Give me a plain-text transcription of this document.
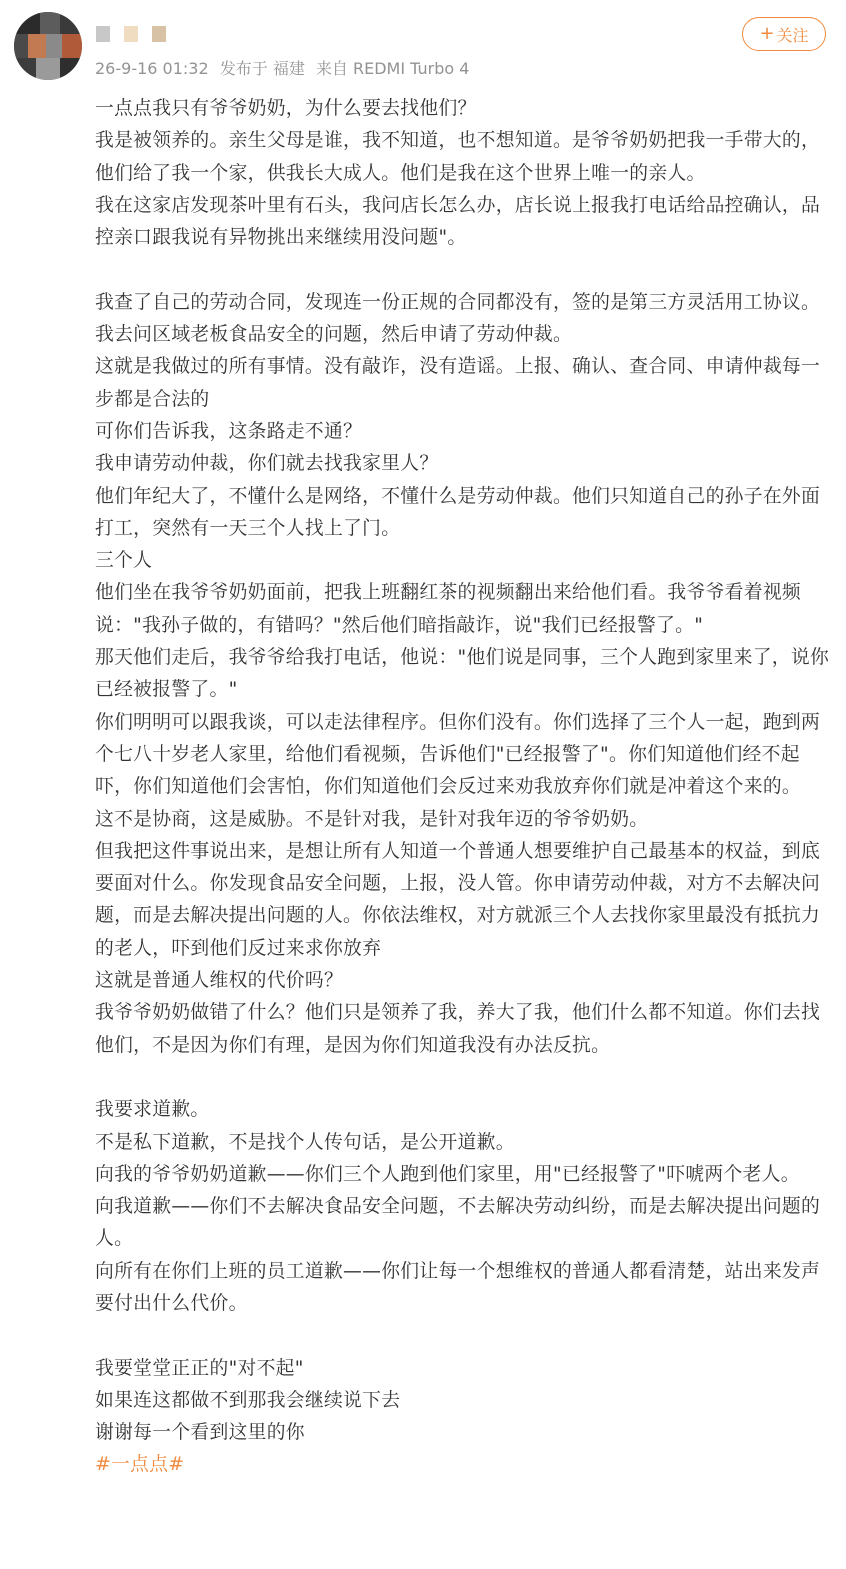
26-9-16 01:32 发布于 福建 来自 REDMI Turbo 4
+ 关注

一点点我只有爷爷奶奶，为什么要去找他们？

我是被领养的。亲生父母是谁，我不知道，也不想知道。是爷爷奶奶把我一手带大的，他们给了我一个家，供我长大成人。他们是我在这个世界上唯一的亲人。

我在这家店发现茶叶里有石头，我问店长怎么办，店长说上报我打电话给品控确认，品控亲口跟我说有异物挑出来继续用没问题"。

我查了自己的劳动合同，发现连一份正规的合同都没有，签的是第三方灵活用工协议。我去问区域老板食品安全的问题，然后申请了劳动仲裁。

这就是我做过的所有事情。没有敲诈，没有造谣。上报、确认、查合同、申请仲裁每一步都是合法的

可你们告诉我，这条路走不通？

我申请劳动仲裁，你们就去找我家里人？

他们年纪大了，不懂什么是网络，不懂什么是劳动仲裁。他们只知道自己的孙子在外面打工，突然有一天三个人找上了门。

三个人

他们坐在我爷爷奶奶面前，把我上班翻红茶的视频翻出来给他们看。我爷爷看着视频说："我孙子做的，有错吗？"然后他们暗指敲诈，说"我们已经报警了。"

那天他们走后，我爷爷给我打电话，他说："他们说是同事，三个人跑到家里来了，说你已经被报警了。"

你们明明可以跟我谈，可以走法律程序。但你们没有。你们选择了三个人一起，跑到两个七八十岁老人家里，给他们看视频，告诉他们"已经报警了"。你们知道他们经不起吓，你们知道他们会害怕，你们知道他们会反过来劝我放弃你们就是冲着这个来的。

这不是协商，这是威胁。不是针对我，是针对我年迈的爷爷奶奶。

但我把这件事说出来，是想让所有人知道一个普通人想要维护自己最基本的权益，到底要面对什么。你发现食品安全问题，上报，没人管。你申请劳动仲裁，对方不去解决问题，而是去解决提出问题的人。你依法维权，对方就派三个人去找你家里最没有抵抗力的老人，吓到他们反过来求你放弃

这就是普通人维权的代价吗？

我爷爷奶奶做错了什么？他们只是领养了我，养大了我，他们什么都不知道。你们去找他们，不是因为你们有理，是因为你们知道我没有办法反抗。

我要求道歉。

不是私下道歉，不是找个人传句话，是公开道歉。

向我的爷爷奶奶道歉——你们三个人跑到他们家里，用"已经报警了"吓唬两个老人。

向我道歉——你们不去解决食品安全问题，不去解决劳动纠纷，而是去解决提出问题的人。

向所有在你们上班的员工道歉——你们让每一个想维权的普通人都看清楚，站出来发声要付出什么代价。

我要堂堂正正的"对不起"

如果连这都做不到那我会继续说下去

谢谢每一个看到这里的你

#一点点#
